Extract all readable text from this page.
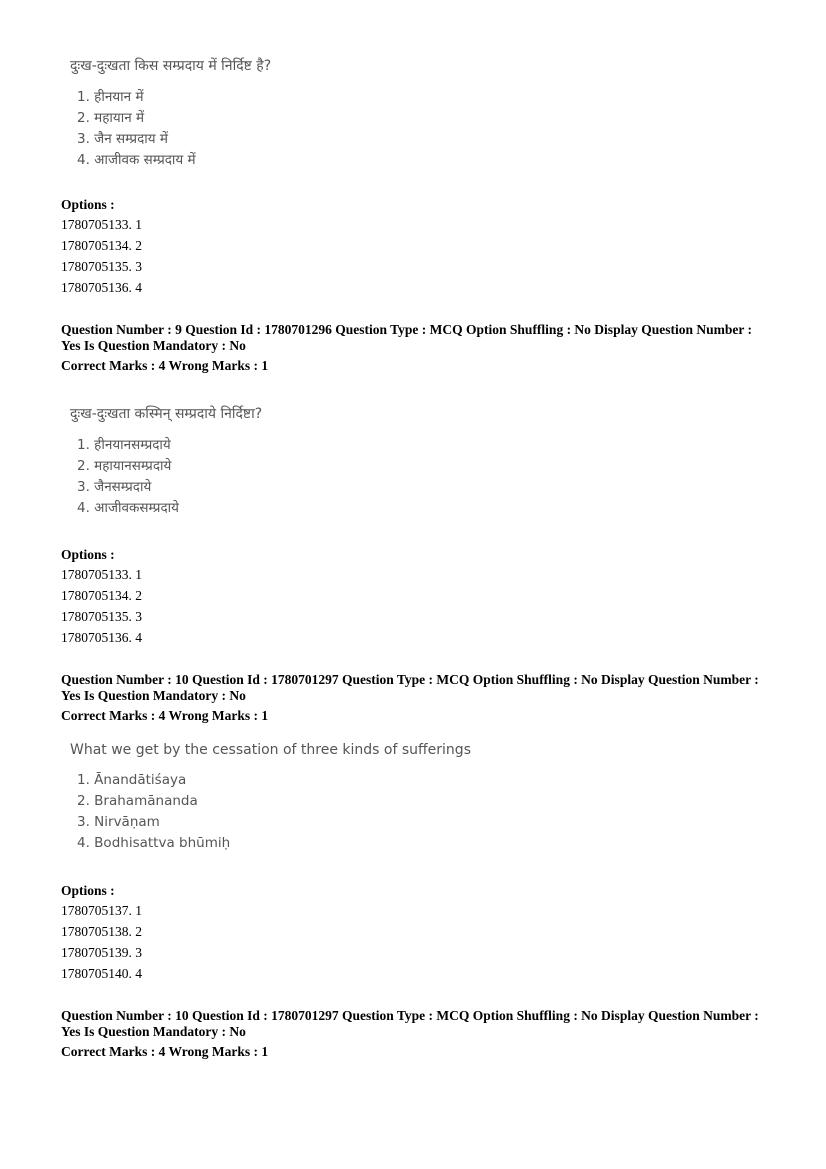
दुःख-दुःखता किस सम्प्रदाय में निर्दिष्ट है?
1. हीनयान में
2. महायान में
3. जैन सम्प्रदाय में
4. आजीवक सम्प्रदाय में
Options :
1780705133. 1
1780705134. 2
1780705135. 3
1780705136. 4
Question Number : 9 Question Id : 1780701296 Question Type : MCQ Option Shuffling : No Display Question Number : Yes Is Question Mandatory : No
Correct Marks : 4 Wrong Marks : 1
दुःख-दुःखता कस्मिन् सम्प्रदाये निर्दिष्टा?
1. हीनयानसम्प्रदाये
2. महायानसम्प्रदाये
3. जैनसम्प्रदाये
4. आजीवकसम्प्रदाये
Options :
1780705133. 1
1780705134. 2
1780705135. 3
1780705136. 4
Question Number : 10 Question Id : 1780701297 Question Type : MCQ Option Shuffling : No Display Question Number : Yes Is Question Mandatory : No
Correct Marks : 4 Wrong Marks : 1
What we get by the cessation of three kinds of sufferings
1. Ānandātiśaya
2. Brahamānanda
3. Nirvāṇam
4. Bodhisattva bhūmiḥ
Options :
1780705137. 1
1780705138. 2
1780705139. 3
1780705140. 4
Question Number : 10 Question Id : 1780701297 Question Type : MCQ Option Shuffling : No Display Question Number : Yes Is Question Mandatory : No
Correct Marks : 4 Wrong Marks : 1
